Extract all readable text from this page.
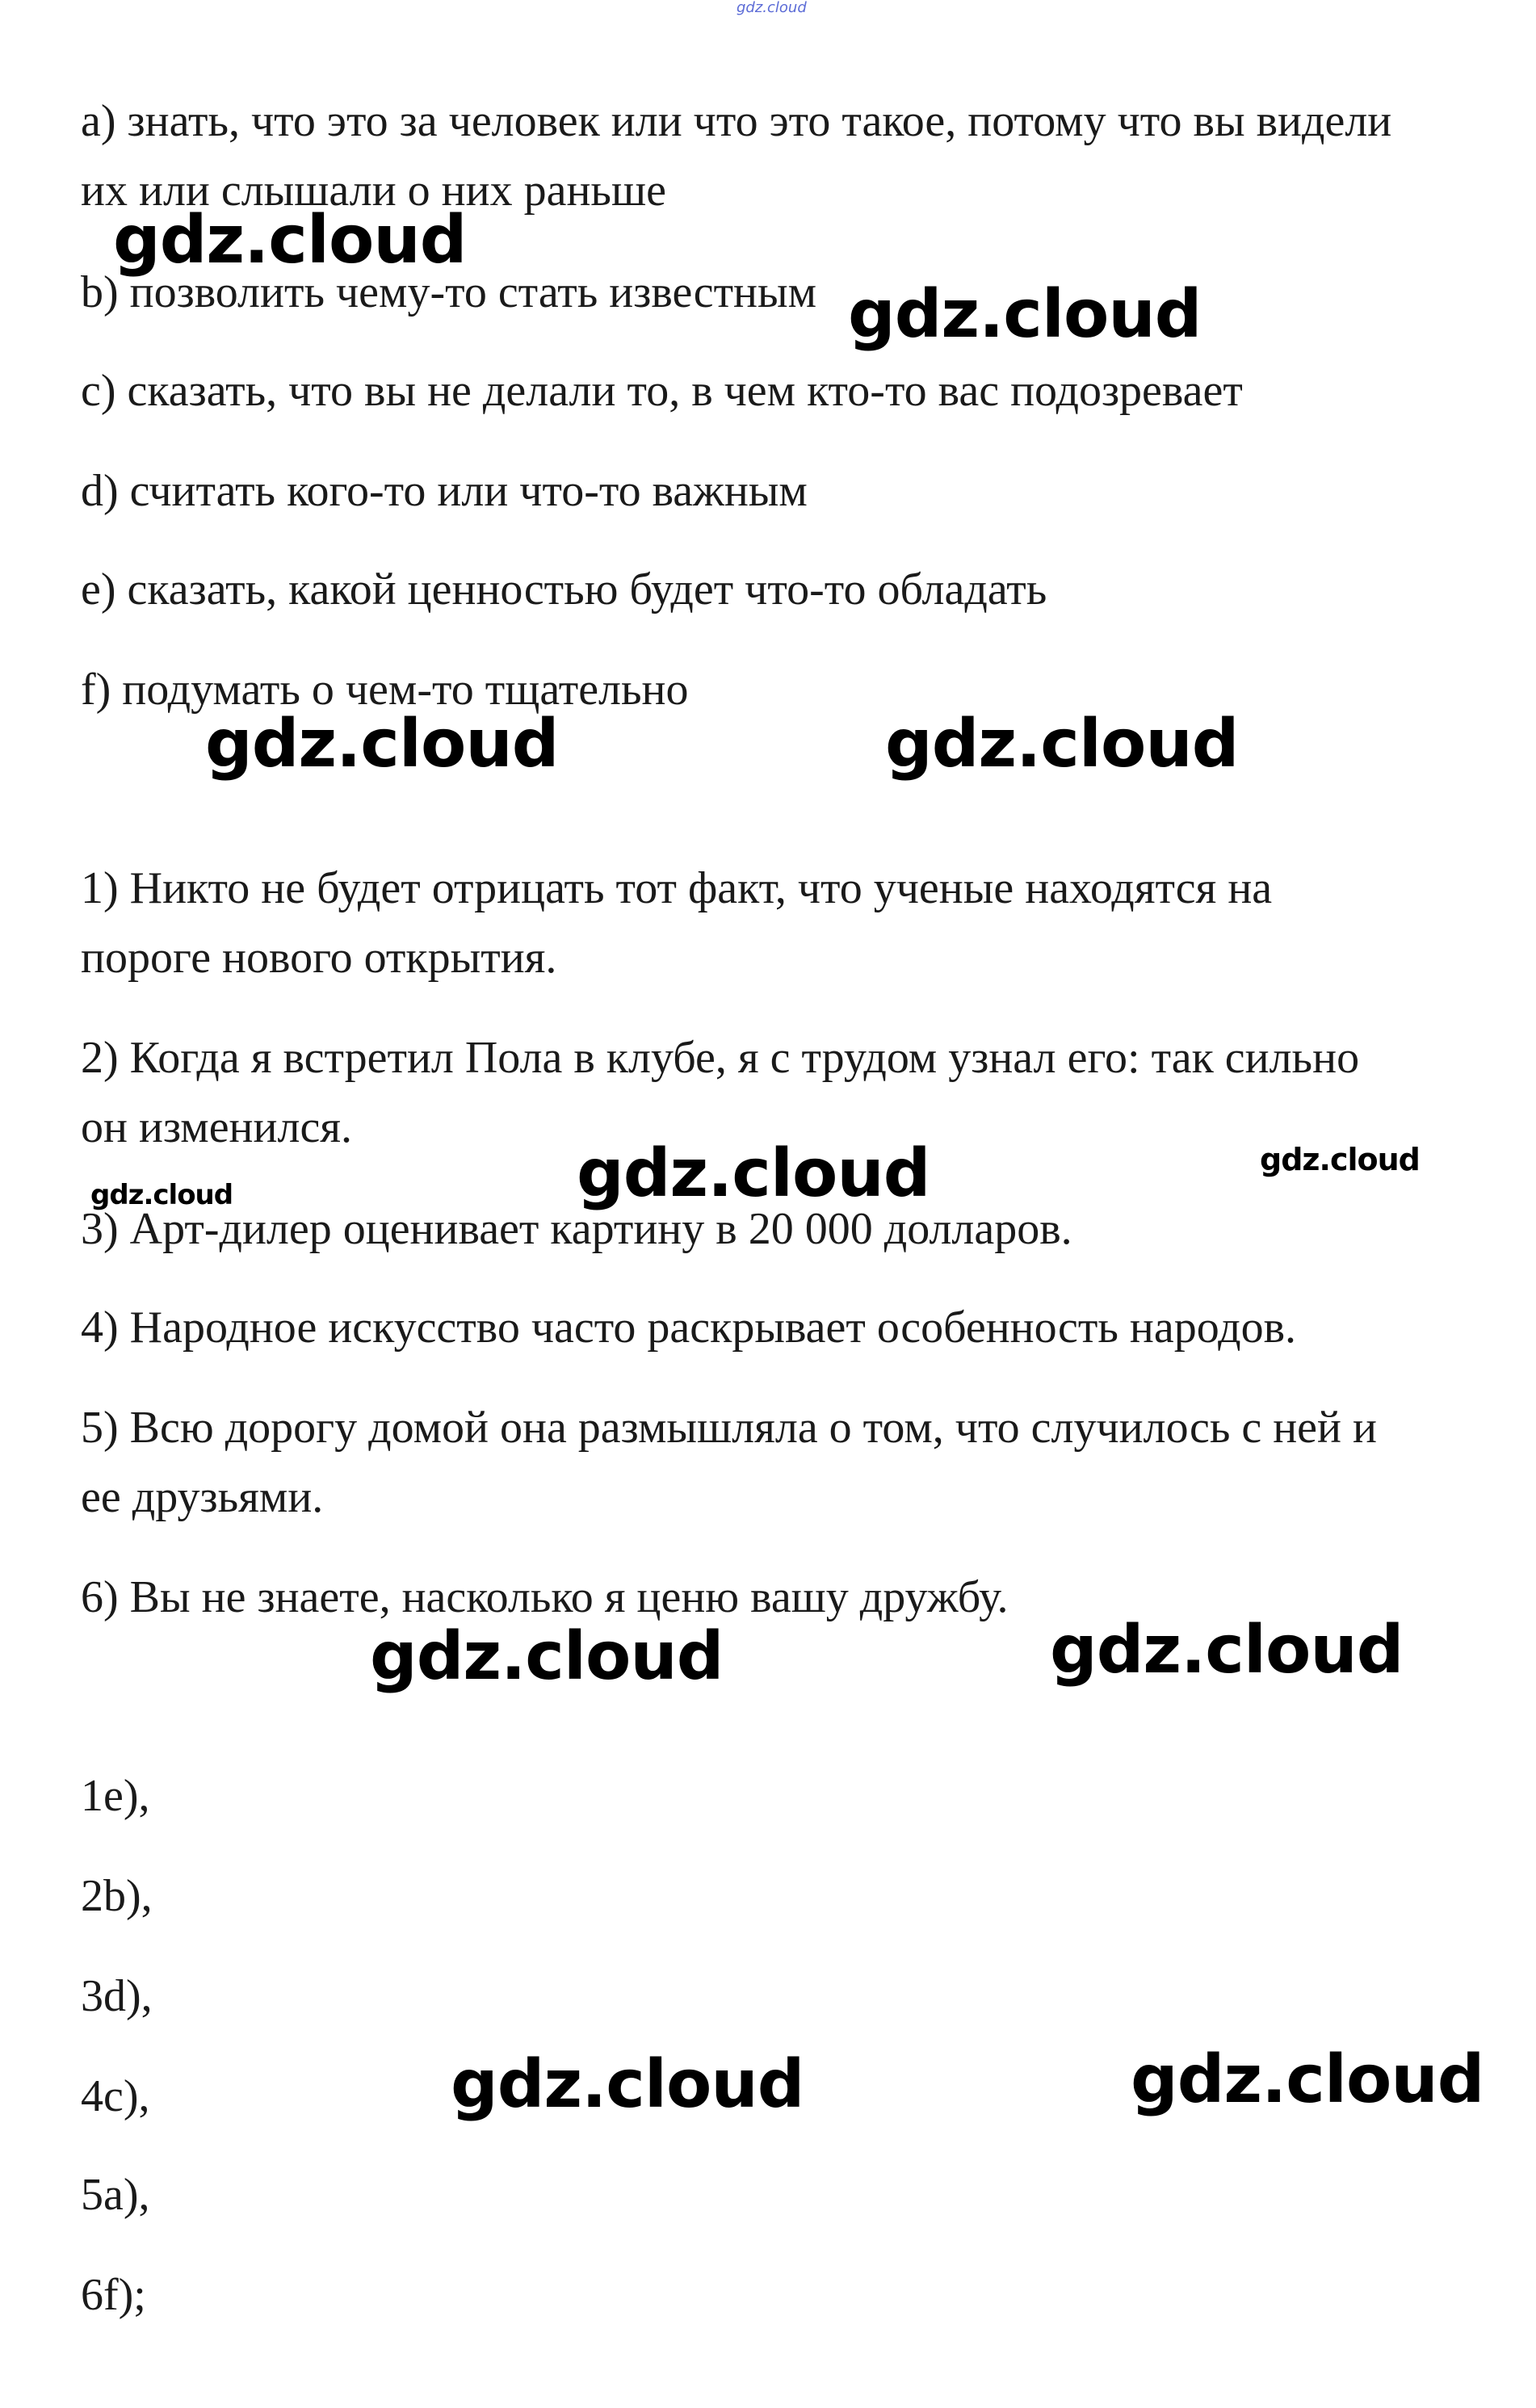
gdz.cloud

a) знать, что это за человек или что это такое, потому что вы видели

их или слышали о них раньше

b) позволить чему-то стать известным

c) сказать, что вы не делали то, в чем кто-то вас подозревает

d) считать кого-то или что-то важным

e) сказать, какой ценностью будет что-то обладать

f) подумать о чем-то тщательно

1) Никто не будет отрицать тот факт, что ученые находятся на

пороге нового открытия.

2) Когда я встретил Пола в клубе, я с трудом узнал его: так сильно

он изменился.

3) Арт-дилер оценивает картину в 20 000 долларов.

4) Народное искусство часто раскрывает особенность народов.

5) Всю дорогу домой она размышляла о том, что случилось с ней и

ее друзьями.

6) Вы не знаете, насколько я ценю вашу дружбу.

1e),

2b),

3d),

4c),

5a),

6f);

gdz.cloud
gdz.cloud
gdz.cloud	gdz.cloud
gdz.cloud	gdz.cloud
gdz.cloud
gdz.cloud	gdz.cloud
gdz.cloud	gdz.cloud
